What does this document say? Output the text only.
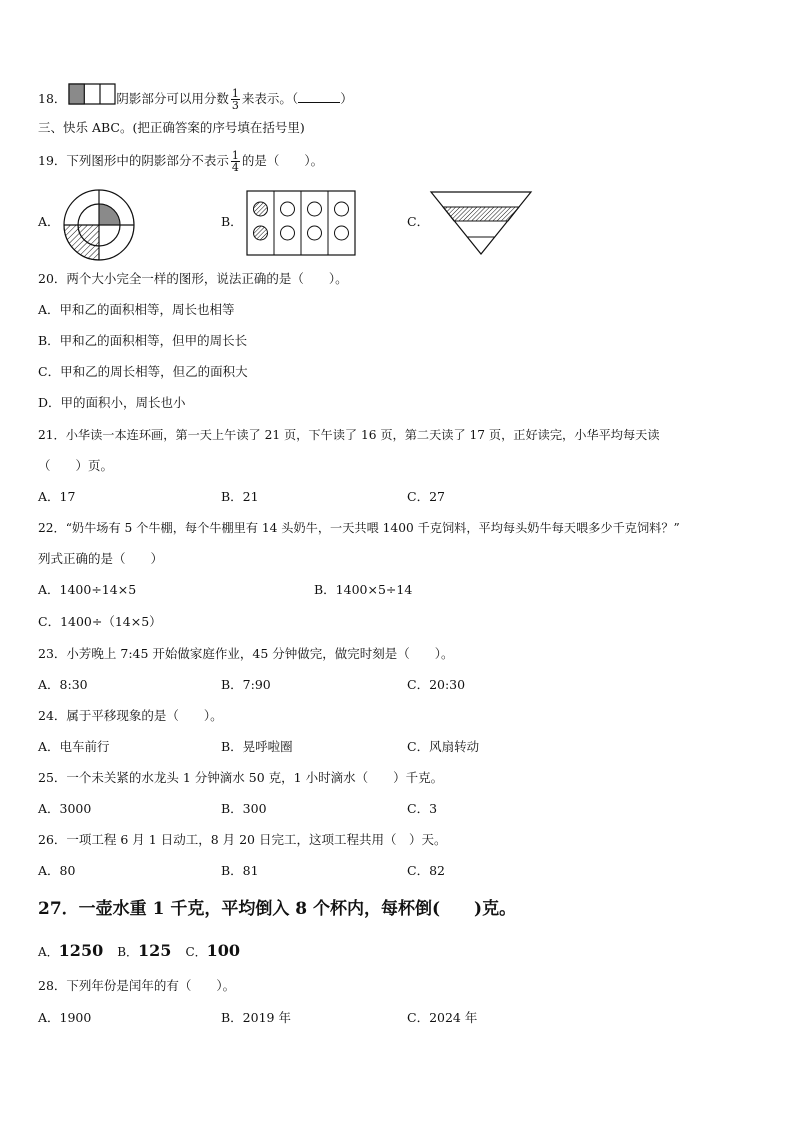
18．	阴影部分可以用分数 $\frac{1}{3}$ 来表示。（	）
三、快乐 ABC。(把正确答案的序号填在括号里)
19．下列图形中的阴影部分不表示 $\frac{1}{4}$ 的是（　　）。
A．	B．	C．
20．两个大小完全一样的图形，说法正确的是（　　）。
A．甲和乙的面积相等，周长也相等
B．甲和乙的面积相等，但甲的周长长
C．甲和乙的周长相等，但乙的面积大
D．甲的面积小，周长也小
21．小华读一本连环画，第一天上午读了 21 页，下午读了 16 页，第二天读了 17 页，正好读完，小华平均每天读
（　　）页。
A．17	B．21	C．27
22．“奶牛场有 5 个牛棚，每个牛棚里有 14 头奶牛，一天共喂 1400 千克饲料，平均每头奶牛每天喂多少千克饲料？”
列式正确的是（　　）
A．1400÷14×5	B．1400×5÷14
C．1400÷（14×5）
23．小芳晚上 7:45 开始做家庭作业，45 分钟做完，做完时刻是（　　）。
A．8:30	B．7:90	C．20:30
24．属于平移现象的是（　　）。
A．电车前行	B．晃呼啦圈	C．风扇转动
25．一个未关紧的水龙头 1 分钟滴水 50 克，1 小时滴水（　　）千克。
A．3000	B．300	C．3
26．一项工程 6 月 1 日动工，8 月 20 日完工，这项工程共用（　）天。
A．80	B．81	C．82
27．一壶水重 1 千克，平均倒入 8 个杯内，每杯倒(　　)克。
A．1250 B．125 C．100
28．下列年份是闰年的有（　　）。
A．1900	B．2019 年	C．2024 年
